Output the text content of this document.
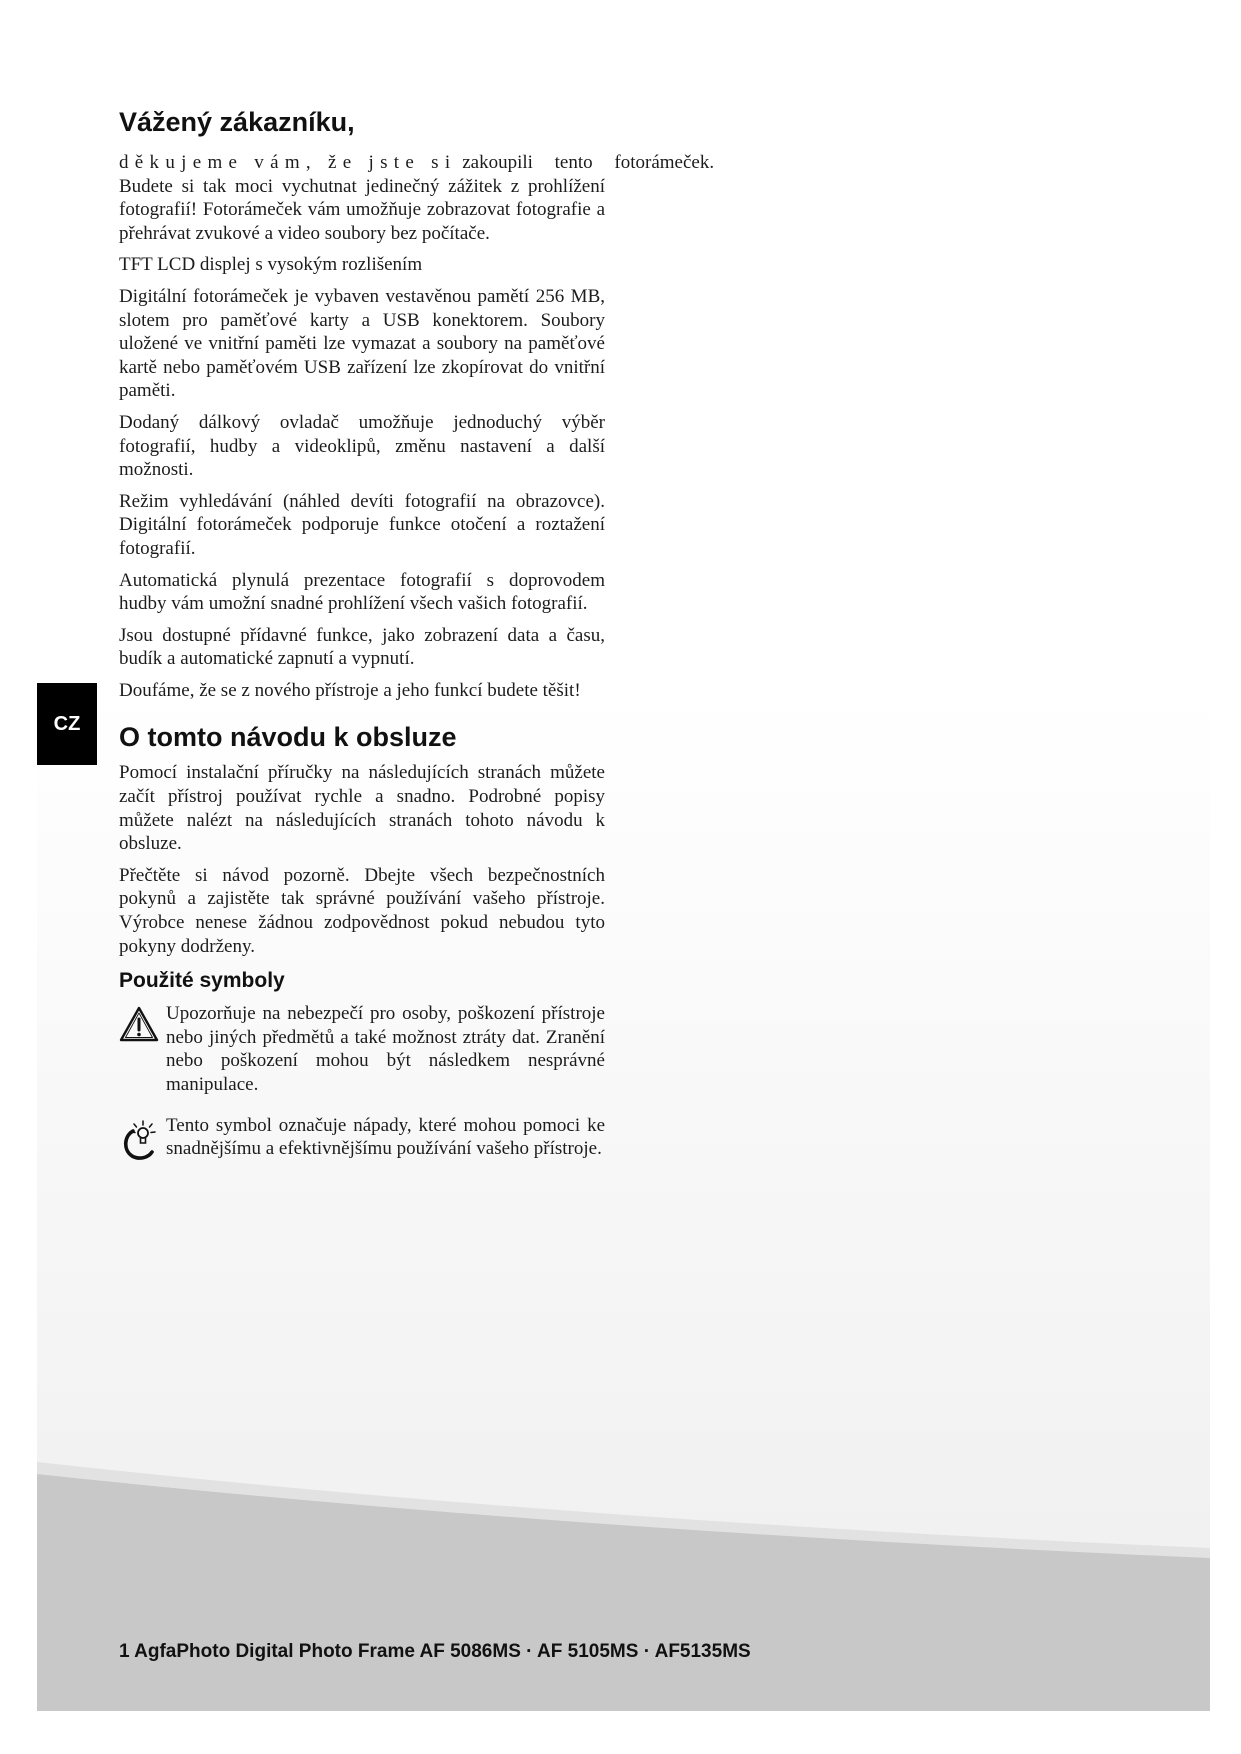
CZ
Vážený zákazníku,
děkujeme vám, že jste si zakoupili tento fotorámeček.

Budete si tak moci vychutnat jedinečný zážitek z prohlížení fotografií! Fotorámeček vám umožňuje zobrazovat fotografie a přehrávat zvukové a video soubory bez počítače.

TFT LCD displej s vysokým rozlišením

Digitální fotorámeček je vybaven vestavěnou pamětí 256 MB, slotem pro paměťové karty a USB konektorem. Soubory uložené ve vnitřní paměti lze vymazat a soubory na paměťové kartě nebo paměťovém USB zařízení lze zkopírovat do vnitřní paměti.

Dodaný dálkový ovladač umožňuje jednoduchý výběr fotografií, hudby a videoklipů, změnu nastavení a další možnosti.

Režim vyhledávání (náhled devíti fotografií na obrazovce). Digitální fotorámeček podporuje funkce otočení a roztažení fotografií.

Automatická plynulá prezentace fotografií s doprovodem hudby vám umožní snadné prohlížení všech vašich fotografií.

Jsou dostupné přídavné funkce, jako zobrazení data a času, budík a automatické zapnutí a vypnutí.

Doufáme, že se z nového přístroje a jeho funkcí budete těšit!

O tomto návodu k obsluze

Pomocí instalační příručky na následujících stranách můžete začít přístroj používat rychle a snadno. Podrobné popisy můžete nalézt na následujících stranách tohoto návodu k obsluze.

Přečtěte si návod pozorně. Dbejte všech bezpečnostních pokynů a zajistěte tak správné používání vašeho přístroje. Výrobce nenese žádnou zodpovědnost pokud nebudou tyto pokyny dodrženy.

Použité symboly

Upozorňuje na nebezpečí pro osoby, poškození přístroje nebo jiných předmětů a také možnost ztráty dat. Zranění nebo poškození mohou být následkem nesprávné manipulace.

Tento symbol označuje nápady, které mohou pomoci ke snadnějšímu a efektivnějšímu používání vašeho přístroje.

1 AgfaPhoto Digital Photo Frame AF 5086MS · AF 5105MS · AF5135MS
